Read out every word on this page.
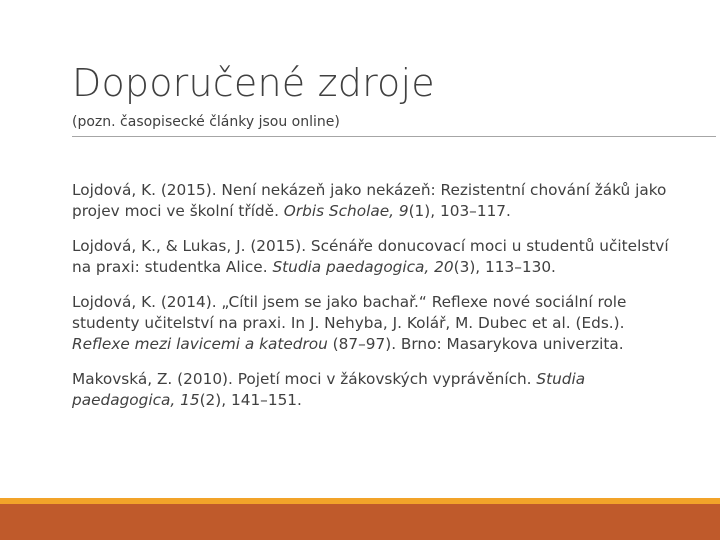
Doporučené zdroje
(pozn. časopisecké články jsou online)
Lojdová, K. (2015). Není nekázeň jako nekázeň: Rezistentní chování žáků jako projev moci ve školní třídě. Orbis Scholae, 9(1), 103–117.
Lojdová, K., & Lukas, J. (2015). Scénáře donucovací moci u studentů učitelství na praxi: studentka Alice. Studia paedagogica, 20(3), 113–130.
Lojdová, K. (2014). „Cítil jsem se jako bachař.“ Reflexe nové sociální role studenty učitelství na praxi. In J. Nehyba, J. Kolář, M. Dubec et al. (Eds.). Reflexe mezi lavicemi a katedrou (87–97). Brno: Masarykova univerzita.
Makovská, Z. (2010). Pojetí moci v žákovských vyprávěních. Studia paedagogica, 15(2), 141–151.
